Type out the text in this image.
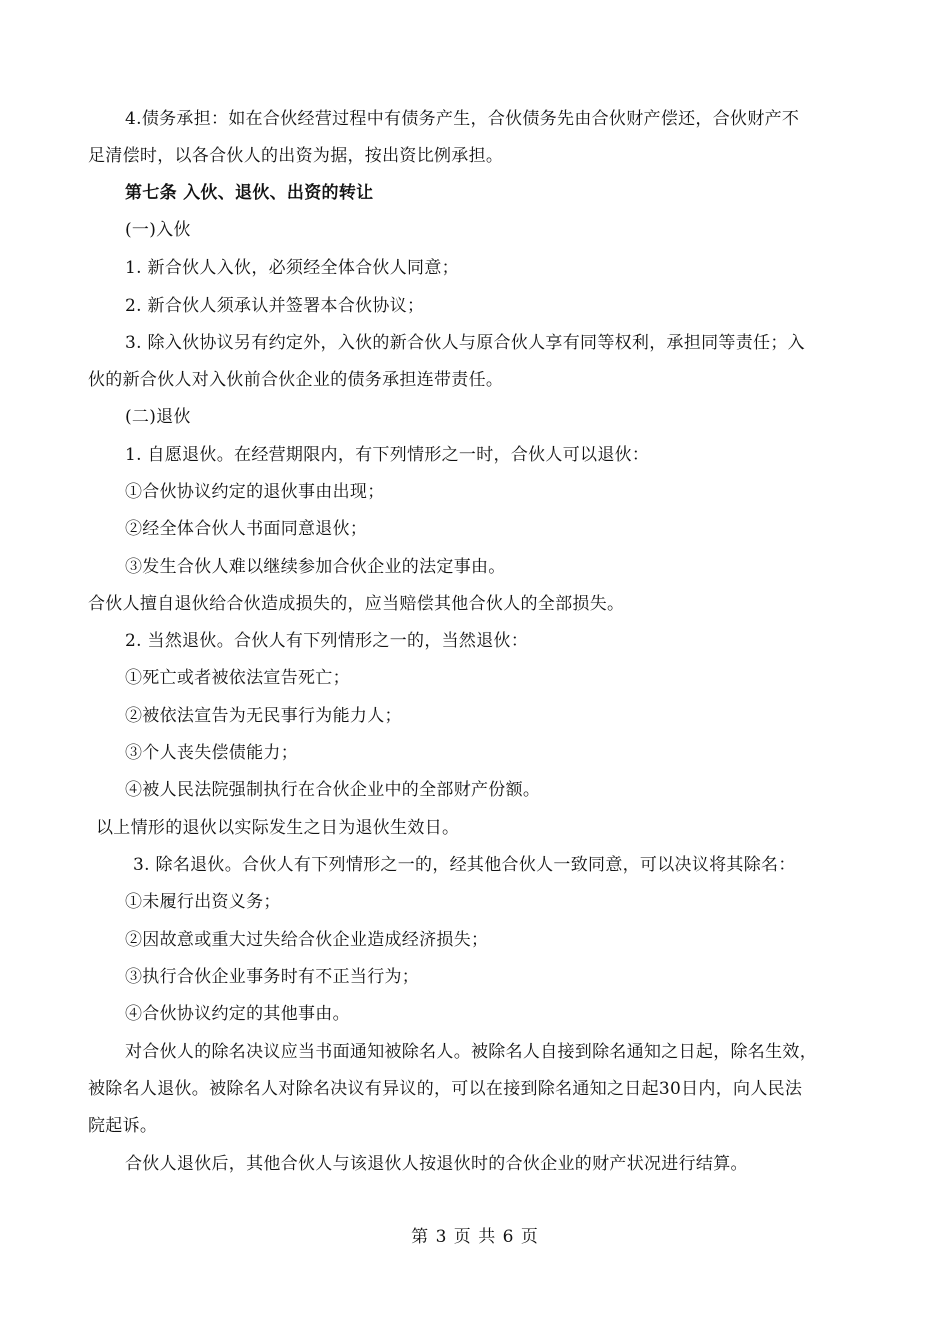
4.债务承担：如在合伙经营过程中有债务产生，合伙债务先由合伙财产偿还，合伙财产不
足清偿时，以各合伙人的出资为据，按出资比例承担。
第七条 入伙、退伙、出资的转让
(一)入伙
1. 新合伙人入伙，必须经全体合伙人同意；
2. 新合伙人须承认并签署本合伙协议；
3. 除入伙协议另有约定外，入伙的新合伙人与原合伙人享有同等权利，承担同等责任；入
伙的新合伙人对入伙前合伙企业的债务承担连带责任。
(二)退伙
1. 自愿退伙。在经营期限内，有下列情形之一时，合伙人可以退伙：
①合伙协议约定的退伙事由出现；
②经全体合伙人书面同意退伙；
③发生合伙人难以继续参加合伙企业的法定事由。
合伙人擅自退伙给合伙造成损失的，应当赔偿其他合伙人的全部损失。
2. 当然退伙。合伙人有下列情形之一的，当然退伙：
①死亡或者被依法宣告死亡；
②被依法宣告为无民事行为能力人；
③个人丧失偿债能力；
④被人民法院强制执行在合伙企业中的全部财产份额。
以上情形的退伙以实际发生之日为退伙生效日。
3. 除名退伙。合伙人有下列情形之一的，经其他合伙人一致同意，可以决议将其除名：
①未履行出资义务；
②因故意或重大过失给合伙企业造成经济损失；
③执行合伙企业事务时有不正当行为；
④合伙协议约定的其他事由。
对合伙人的除名决议应当书面通知被除名人。被除名人自接到除名通知之日起，除名生效，
被除名人退伙。被除名人对除名决议有异议的，可以在接到除名通知之日起30日内，向人民法
院起诉。
合伙人退伙后，其他合伙人与该退伙人按退伙时的合伙企业的财产状况进行结算。
第 3 页 共 6 页
